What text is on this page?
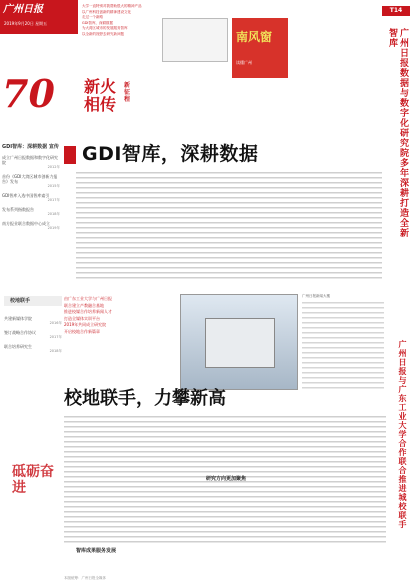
广州日报
2019年9月20日 星期五
大学一直特别对我帮助很大的精神产品
以广州科技创新的精神建设文化
走过一个新路
GDI智库，深耕数据
为大湾区城市的发展服务智库
以全新的视野去研究新问题	南风窗
读懂广州
T14
70 新火相传
新征程
GDI智库：深耕数据 宣传
成立广州日报数据和数字化研究院
2012年
首份《GDI大湾区城市创新力报告》发布
2015年
GDI智库入选中国智库索引
2017年
发布系列指数报告
2018年
南方报业联合数据中心成立
2019年
GDI智库，深耕数据	广州日报数据与数字化研究院多年深耕打造全新智库
广州日报与广东工业大学合作联合推进城校联手
校地联手
共建新媒体学院
2016年
签订战略合作协议
2017年
联合培养研究生
2018年
由广东工业大学与广州日报
联合建立产教融合基地
推进校媒合作培养新闻人才
打造全媒体实训平台
2019年共同成立研究院
开启校地合作新篇章
广州日报新闻大楼
校地联手，力攀新高
研究方向更加聚焦
智库成果服务发展
砥砺奋进
本版统筹：广州日报全媒体
